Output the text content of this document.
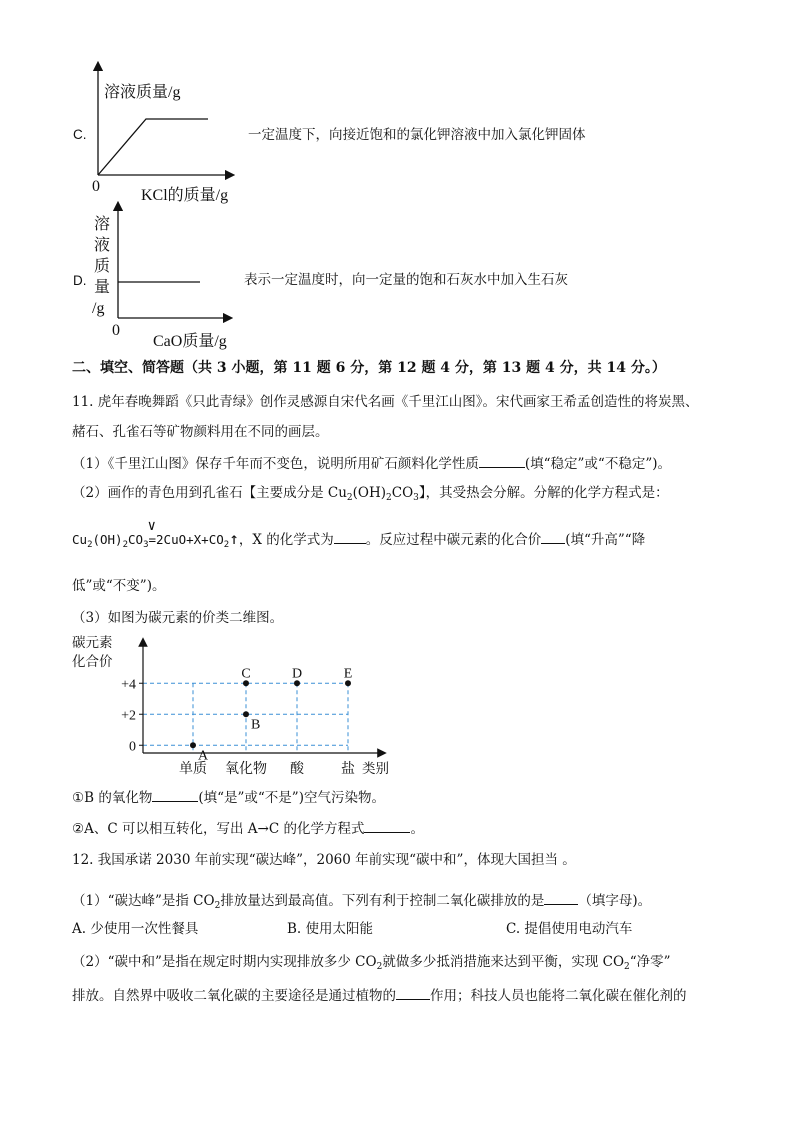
溶液质量/g
C.
0
KCl的质量/g
一定温度下，向接近饱和的氯化钾溶液中加入氯化钾固体
溶
液
质
量
/g
D.
0
CaO质量/g
表示一定温度时，向一定量的饱和石灰水中加入生石灰
二、填空、简答题（共 3 小题，第 11 题 6 分，第 12 题 4 分，第 13 题 4 分，共 14 分。）
11. 虎年春晚舞蹈《只此青绿》创作灵感源自宋代名画《千里江山图》。宋代画家王希孟创造性的将炭黑、
赭石、孔雀石等矿物颜料用在不同的画层。
（1）《千里江山图》保存千年而不变色，说明所用矿石颜料化学性质	(填“稳定”或“不稳定”)。
（2）画作的青色用到孔雀石【主要成分是 $Cu_2(OH)_2CO_3$】，其受热会分解。分解的化学方程式是：
$Cu_2(OH)_2CO_3$
∨
$=2CuO+X+CO_2↑$，X 的化学式为 。反应过程中碳元素的化合价 (填“升高”“降
低”或“不变”)。
（3）如图为碳元素的价类二维图。
+4
+2
0
单质 氧化物 酸	盐
A
B
C	D	E
碳元素
化合价
类别
①B 的氧化物	(填“是”或“不是”)空气污染物。
②A、C 可以相互转化，写出 A→C 的化学方程式	。
12. 我国承诺 2030 年前实现“碳达峰”，2060 年前实现“碳中和”，体现大国担当 。
（1）“碳达峰”是指 $CO_2$排放量达到最高值。下列有利于控制二氧化碳排放的是	（填字母)。
A. 少使用一次性餐具	B. 使用太阳能	C. 提倡使用电动汽车
（2）“碳中和”是指在规定时期内实现排放多少 $CO_2$就做多少抵消措施来达到平衡，实现 $CO_2“$净零”
排放。自然界中吸收二氧化碳的主要途径是通过植物的	作用；科技人员也能将二氧化碳在催化剂的
